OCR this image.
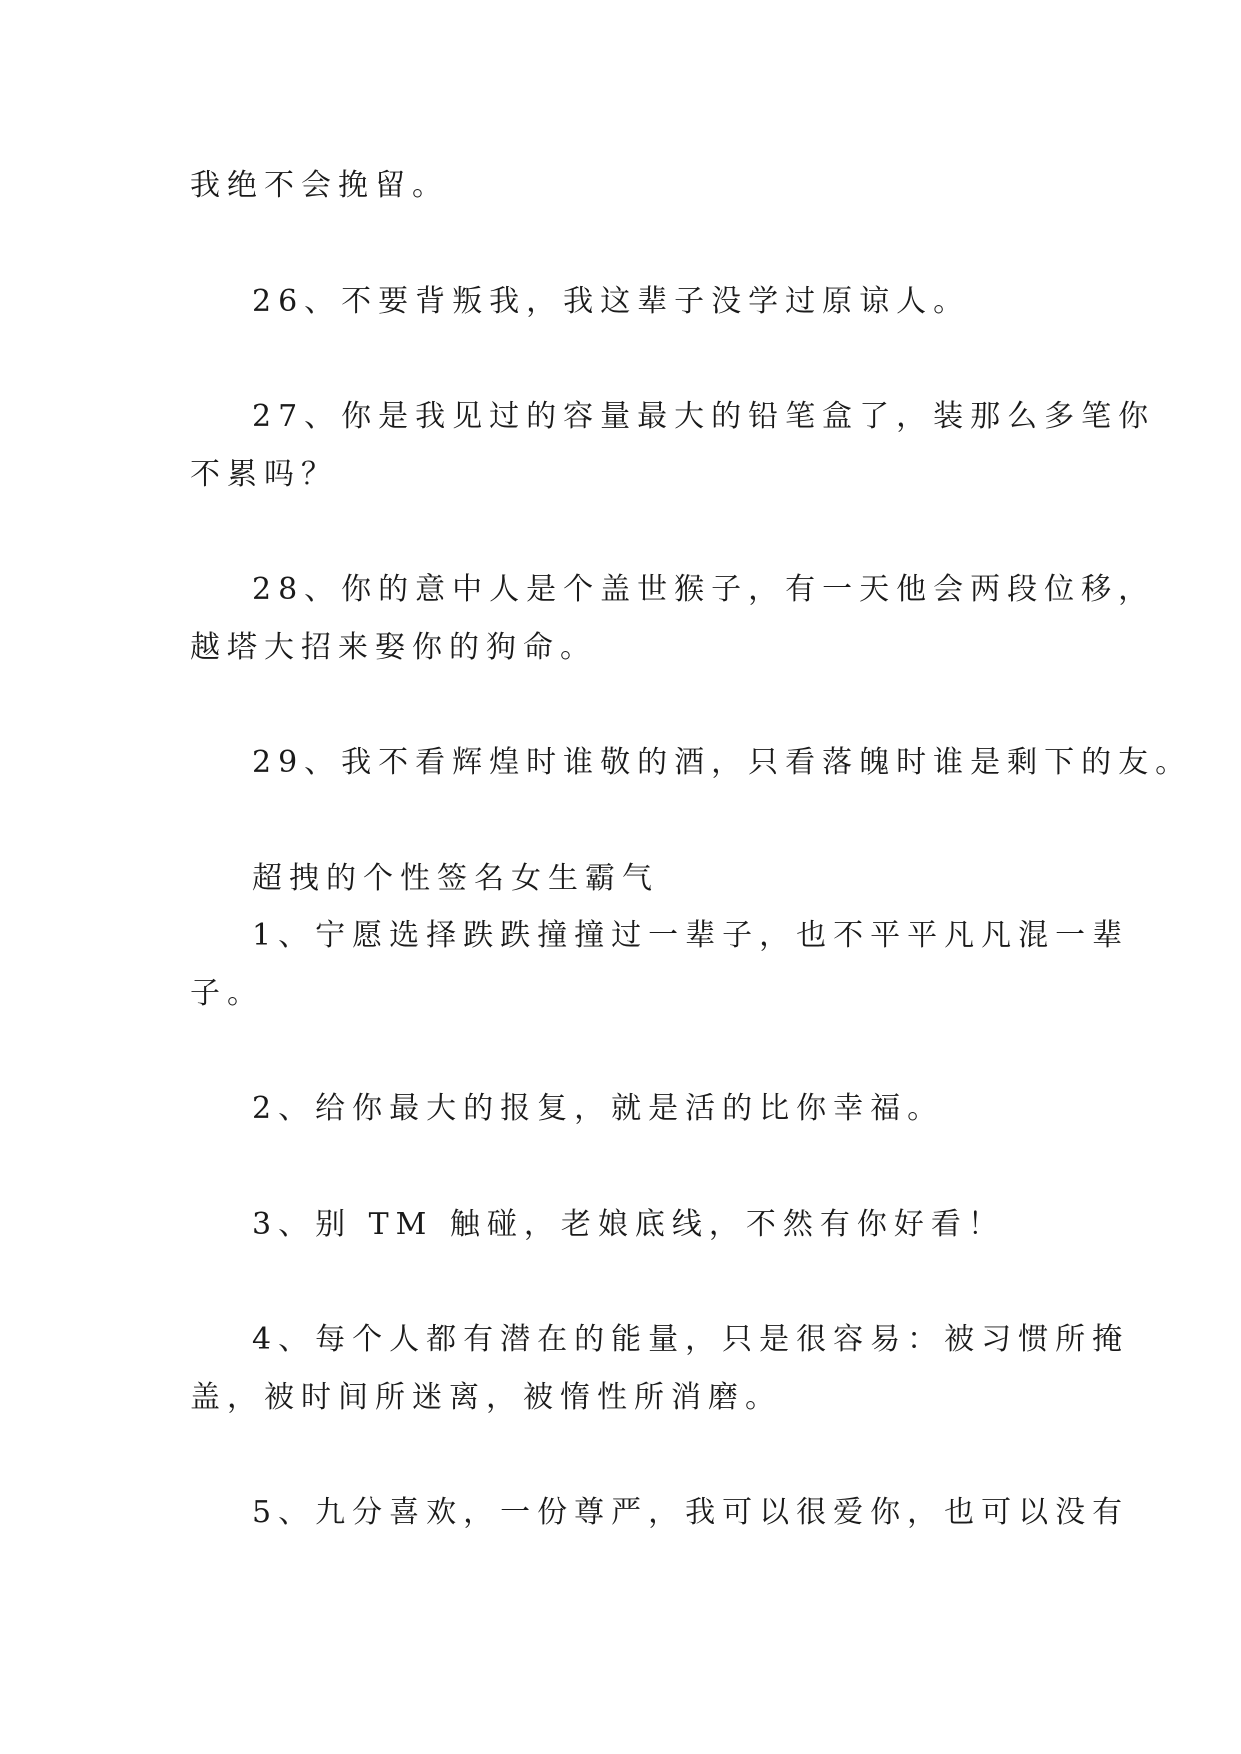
我绝不会挽留。
26、不要背叛我，我这辈子没学过原谅人。
27、你是我见过的容量最大的铅笔盒了，装那么多笔你
不累吗？
28、你的意中人是个盖世猴子，有一天他会两段位移，
越塔大招来娶你的狗命。
29、我不看辉煌时谁敬的酒，只看落魄时谁是剩下的友。
超拽的个性签名女生霸气
1、宁愿选择跌跌撞撞过一辈子，也不平平凡凡混一辈
子。
2、给你最大的报复，就是活的比你幸福。
3、别 TM 触碰，老娘底线，不然有你好看！
4、每个人都有潜在的能量，只是很容易：被习惯所掩
盖，被时间所迷离，被惰性所消磨。
5、九分喜欢，一份尊严，我可以很爱你，也可以没有
